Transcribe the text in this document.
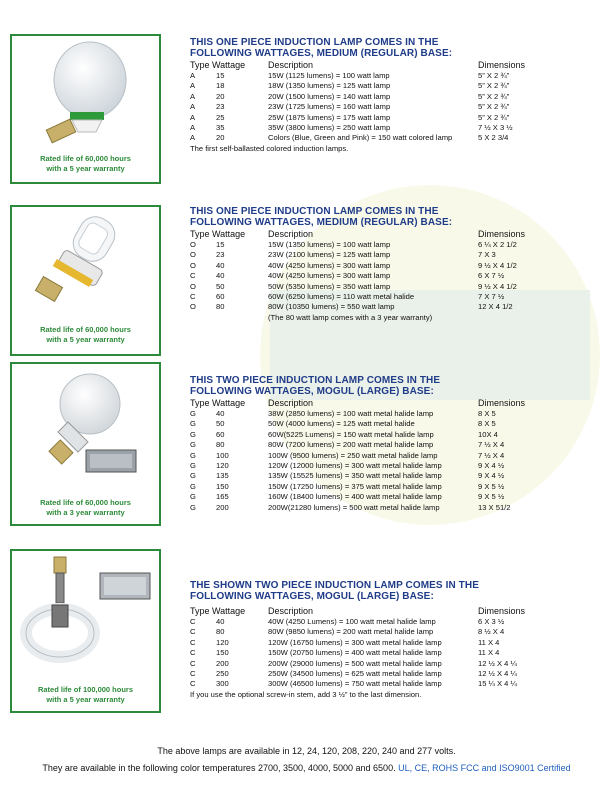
Rated life of 60,000 hours
with a 5 year warranty
THIS ONE PIECE INDUCTION LAMP COMES IN THE
FOLLOWING WATTAGES, MEDIUM (REGULAR) BASE:
Type Wattage	Description	Dimensions
A	15	15W (1125 lumens) = 100 watt lamp	5” X 2 ¾”
A	18	18W (1350 lumens) = 125 watt lamp	5” X 2 ¾”
A	20	20W (1500 lumens) = 140 watt lamp	5” X 2 ¾”
A	23	23W (1725 lumens) = 160 watt lamp	5” X 2 ¾”
A	25	25W (1875 lumens) = 175 watt lamp	5” X 2 ¾”
A	35	35W (3800 lumens) = 250 watt lamp	7 ½ X 3 ½
A	20	Colors (Blue, Green and Pink) = 150 watt colored lamp	5 X 2 3/4
The first self-ballasted colored induction lamps.
Rated life of 60,000 hours
with a 5 year warranty
THIS ONE PIECE INDUCTION LAMP COMES IN THE
FOLLOWING WATTAGES, MEDIUM (REGULAR) BASE:
Type Wattage	Description	Dimensions
O	15	15W (1350 lumens) = 100 watt lamp	6 ¼ X 2 1/2
O	23	23W (2100 lumens) = 125 watt lamp	7 X 3
O	40	40W (4250 lumens) = 300 watt lamp	9 ½ X 4 1/2
C	40	40W (4250 lumens) = 300 watt lamp	6 X 7 ½
O	50	50W (5350 lumens) = 350 watt lamp	9 ½ X 4 1/2
C	60	60W (6250 lumens) = 110 watt metal halide	7 X 7 ½
O	80	80W (10350 lumens) = 550 watt lamp	12 X 4 1/2
(The 80 watt lamp comes with a 3 year warranty)
Rated life of 60,000 hours
with a 3 year warranty
THIS TWO PIECE INDUCTION LAMP COMES IN THE
FOLLOWING WATTAGES, MOGUL (LARGE) BASE:
Type Wattage	Description	Dimensions
G	40	38W (2850 lumens) = 100 watt metal halide lamp	8 X 5
G	50	50W (4000 lumens) = 125 watt metal halide	8 X 5
G	60	60W(5225 Lumens) = 150 watt metal halide lamp	10X 4
G	80	80W (7200 lumens) = 200 watt metal halide lamp	7 ½ X 4
G	100	100W (9500 lumens) = 250 watt metal halide lamp	7 ½ X 4
G	120	120W (12000 lumens) = 300 watt metal halide lamp	9 X 4 ½
G	135	135W (15525 lumens) = 350 watt metal halide lamp	9 X 4 ½
G	150	150W (17250 lumens) = 375 watt metal halide lamp	9 X 5 ½
G	165	160W (18400 lumens) = 400 watt metal halide lamp	9 X 5 ½
G	200	200W(21280 lumens) = 500 watt metal halide lamp	13 X 51/2
Rated life of 100,000 hours
with a 5 year warranty
THE SHOWN TWO PIECE INDUCTION LAMP COMES IN THE
FOLLOWING WATTAGES, MOGUL (LARGE) BASE:
Type Wattage	Description	Dimensions
C	40	40W (4250 Lumens) = 100 watt metal halide lamp	6 X 3 ½
C	80	80W (9850 lumens) = 200 watt metal halide lamp	8 ½ X 4
C	120	120W (16750 lumens) = 300 watt metal halide lamp	11 X 4
C	150	150W (20750 lumens) = 400 watt metal halide lamp	11 X 4
C	200	200W (29000 lumens) = 500 watt metal halide lamp	12 ½ X 4 ¼
C	250	250W (34500 lumens) = 625 watt metal halide lamp	12 ½ X 4 ¼
C	300	300W (46500 lumens) = 750 watt metal halide lamp	15 ¼ X 4 ¼
If you use the optional screw-in stem, add 3 ½” to the last dimension.
The above lamps are available in 12, 24, 120, 208, 220, 240 and 277 volts.
They are available in the following color temperatures 2700, 3500, 4000, 5000 and 6500. UL, CE, ROHS FCC and ISO9001 Certified
